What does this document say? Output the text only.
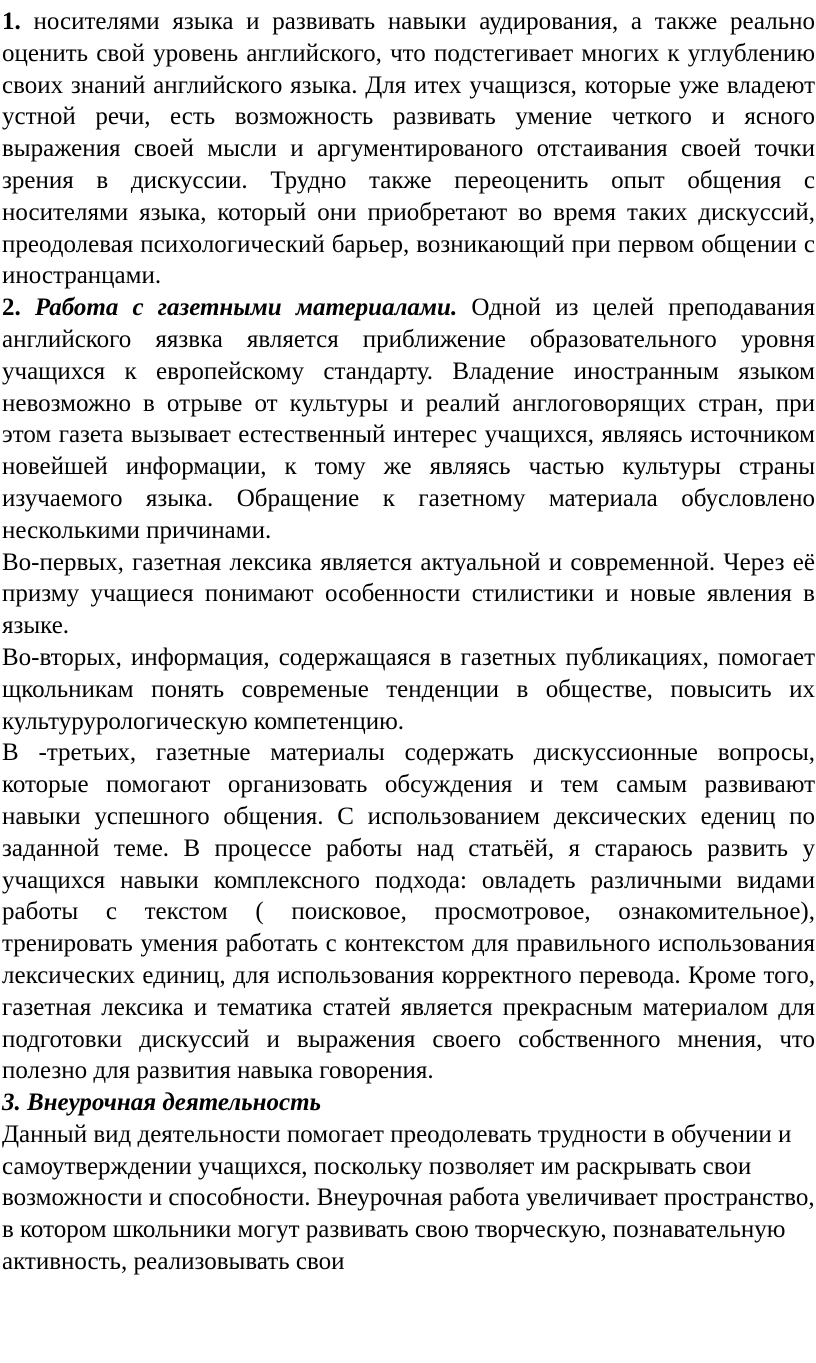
1. носителями языка и развивать навыки аудирования, а также реально оценить свой уровень английского, что подстегивает многих к углублению своих знаний английского языка. Для итех учащизся, которые уже владеют устной речи, есть возможность развивать умение четкого и ясного выражения своей мысли и аргументированого отстаивания своей точки зрения в дискуссии. Трудно также переоценить опыт общения с носителями языка, который они приобретают во время таких дискуссий, преодолевая психологический барьер, возникающий при первом общении с иностранцами.

2. Работа с газетными материалами. Одной из целей преподавания английского яязвка является приближение образовательного уровня учащихся к европейскому стандарту. Владение иностранным языком невозможно в отрыве от культуры и реалий англоговорящих стран, при этом газета вызывает естественный интерес учащихся, являясь источником новейшей информации, к тому же являясь частью культуры страны изучаемого языка. Обращение к газетному материала обусловлено несколькими причинами.

Во-первых, газетная лексика является актуальной и современной. Через её призму учащиеся понимают особенности стилистики и новые явления в языке.

Во-вторых, информация, содержащаяся в газетных публикациях, помогает щкольникам понять современые тенденции в обществе, повысить их культурурологическую компетенцию.

В -третьих, газетные материалы содержать дискуссионные вопросы, которые помогают организовать обсуждения и тем самым развивают навыки успешного общения. С использованием дексических едениц по заданной теме. В процессе работы над статьёй, я стараюсь развить у учащихся навыки комплексного подхода: овладеть различными видами работы с текстом ( поисковое, просмотровое, ознакомительное), тренировать умения работать с контекстом для правильного использования лексических единиц, для использования корректного перевода. Кроме того, газетная лексика и тематика статей является прекрасным материалом для подготовки дискуссий и выражения своего собственного мнения, что полезно для развития навыка говорения.

3. Внеурочная деятельность

Данный вид деятельности помогает преодолевать трудности в обучении и самоутверждении учащихся, поскольку позволяет им раскрывать свои возможности и способности. Внеурочная работа увеличивает пространство, в котором школьники могут развивать свою творческую, познавательную активность, реализовывать свои
